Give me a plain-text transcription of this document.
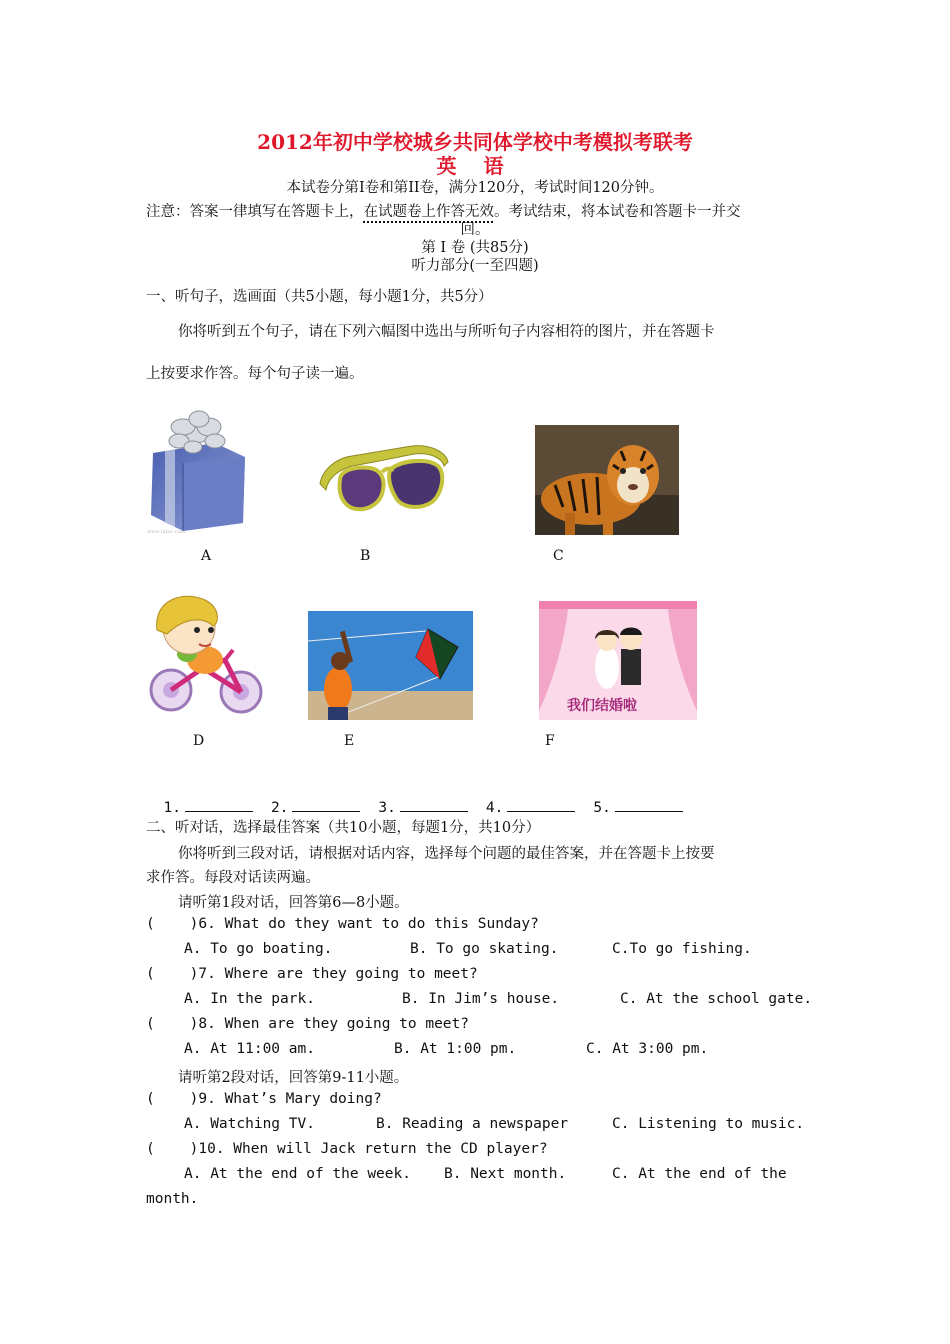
2012年初中学校城乡共同体学校中考模拟考联考
英 语
本试卷分第Ⅰ卷和第II卷，满分120分，考试时间120分钟。
注意：答案一律填写在答题卡上，在试题卷上作答无效。考试结束，将本试卷和答题卡一并交
回。
第 Ⅰ 卷 (共85分)
听力部分(一至四题)
一、听句子，选画面（共5小题，每小题1分，共5分）
你将听到五个句子，请在下列六幅图中选出与所听句子内容相符的图片，并在答题卡
上按要求作答。每个句子读一遍。
www.nipic.com
A	B	C
D	E
我们结婚啦
F

1.	2.	3.	4.	5.

二、听对话，选择最佳答案（共10小题，每题1分，共10分）
你将听到三段对话，请根据对话内容，选择每个问题的最佳答案，并在答题卡上按要
求作答。每段对话读两遍。
请听第1段对话，回答第6—8小题。
(    )6. What do they want to do this Sunday?
A. To go boating.	B. To go skating.	C.To go fishing.
(    )7. Where are they going to meet?
A. In the park.	B. In Jim’s house.	C. At the school gate.
(    )8. When are they going to meet?
A. At 11:00 am.	B. At 1:00 pm.	C. At 3:00 pm.
请听第2段对话，回答第9-11小题。
(    )9. What’s Mary doing?
A. Watching TV.	B. Reading a newspaper	C. Listening to music.
(    )10. When will Jack return the CD player?
A. At the end of the week. B. Next month.	C. At the end of the
month.
